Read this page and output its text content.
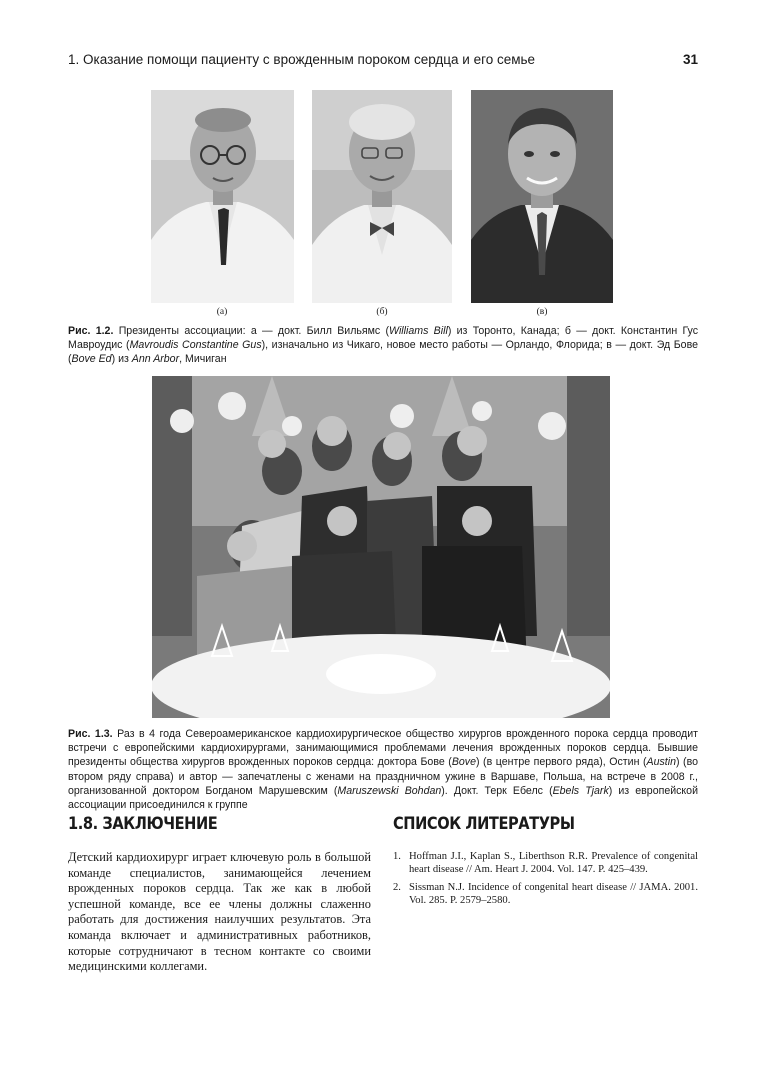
1. Оказание помощи пациенту с врожденным пороком сердца и его семье	31
(а)	(б)	(в)
Рис. 1.2. Президенты ассоциации: а — докт. Билл Вильямс (Williams Bill) из Торонто, Канада; б — докт. Константин Гус Мавроудис (Mavroudis Constantine Gus), изначально из Чикаго, новое место работы — Орландо, Флорида; в — докт. Эд Бове (Bove Ed) из Ann Arbor, Мичиган
Рис. 1.3. Раз в 4 года Североамериканское кардиохирургическое общество хирургов врожденного порока сердца проводит встречи с европейскими кардиохирургами, занимающимися проблемами лечения врожденных пороков сердца. Бывшие президенты общества хирургов врожденных пороков сердца: доктора Бове (Bove) (в центре первого ряда), Остин (Austin) (во втором ряду справа) и автор — запечатлены с женами на праздничном ужине в Варшаве, Польша, на встрече в 2008 г., организованной доктором Богданом Марушевским (Maruszewski Bohdan). Докт. Терк Ебелс (Ebels Tjark) из европейской ассоциации присоединился к группе
1.8. ЗАКЛЮЧЕНИЕ
Детский кардиохирург играет ключевую роль в большой команде специалистов, занимающейся лечением врожденных пороков сердца. Так же как в любой успешной команде, все ее члены должны слаженно работать для достижения наилучших результатов. Эта команда включает и административных работников, которые сотрудничают в тесном контакте со своими медицинскими коллегами.
СПИСОК ЛИТЕРАТУРЫ
1. Hoffman J.I., Kaplan S., Liberthson R.R. Prevalence of congenital heart disease // Am. Heart J. 2004. Vol. 147. P. 425–439.
2. Sissman N.J. Incidence of congenital heart disease // JAMA. 2001. Vol. 285. P. 2579–2580.
